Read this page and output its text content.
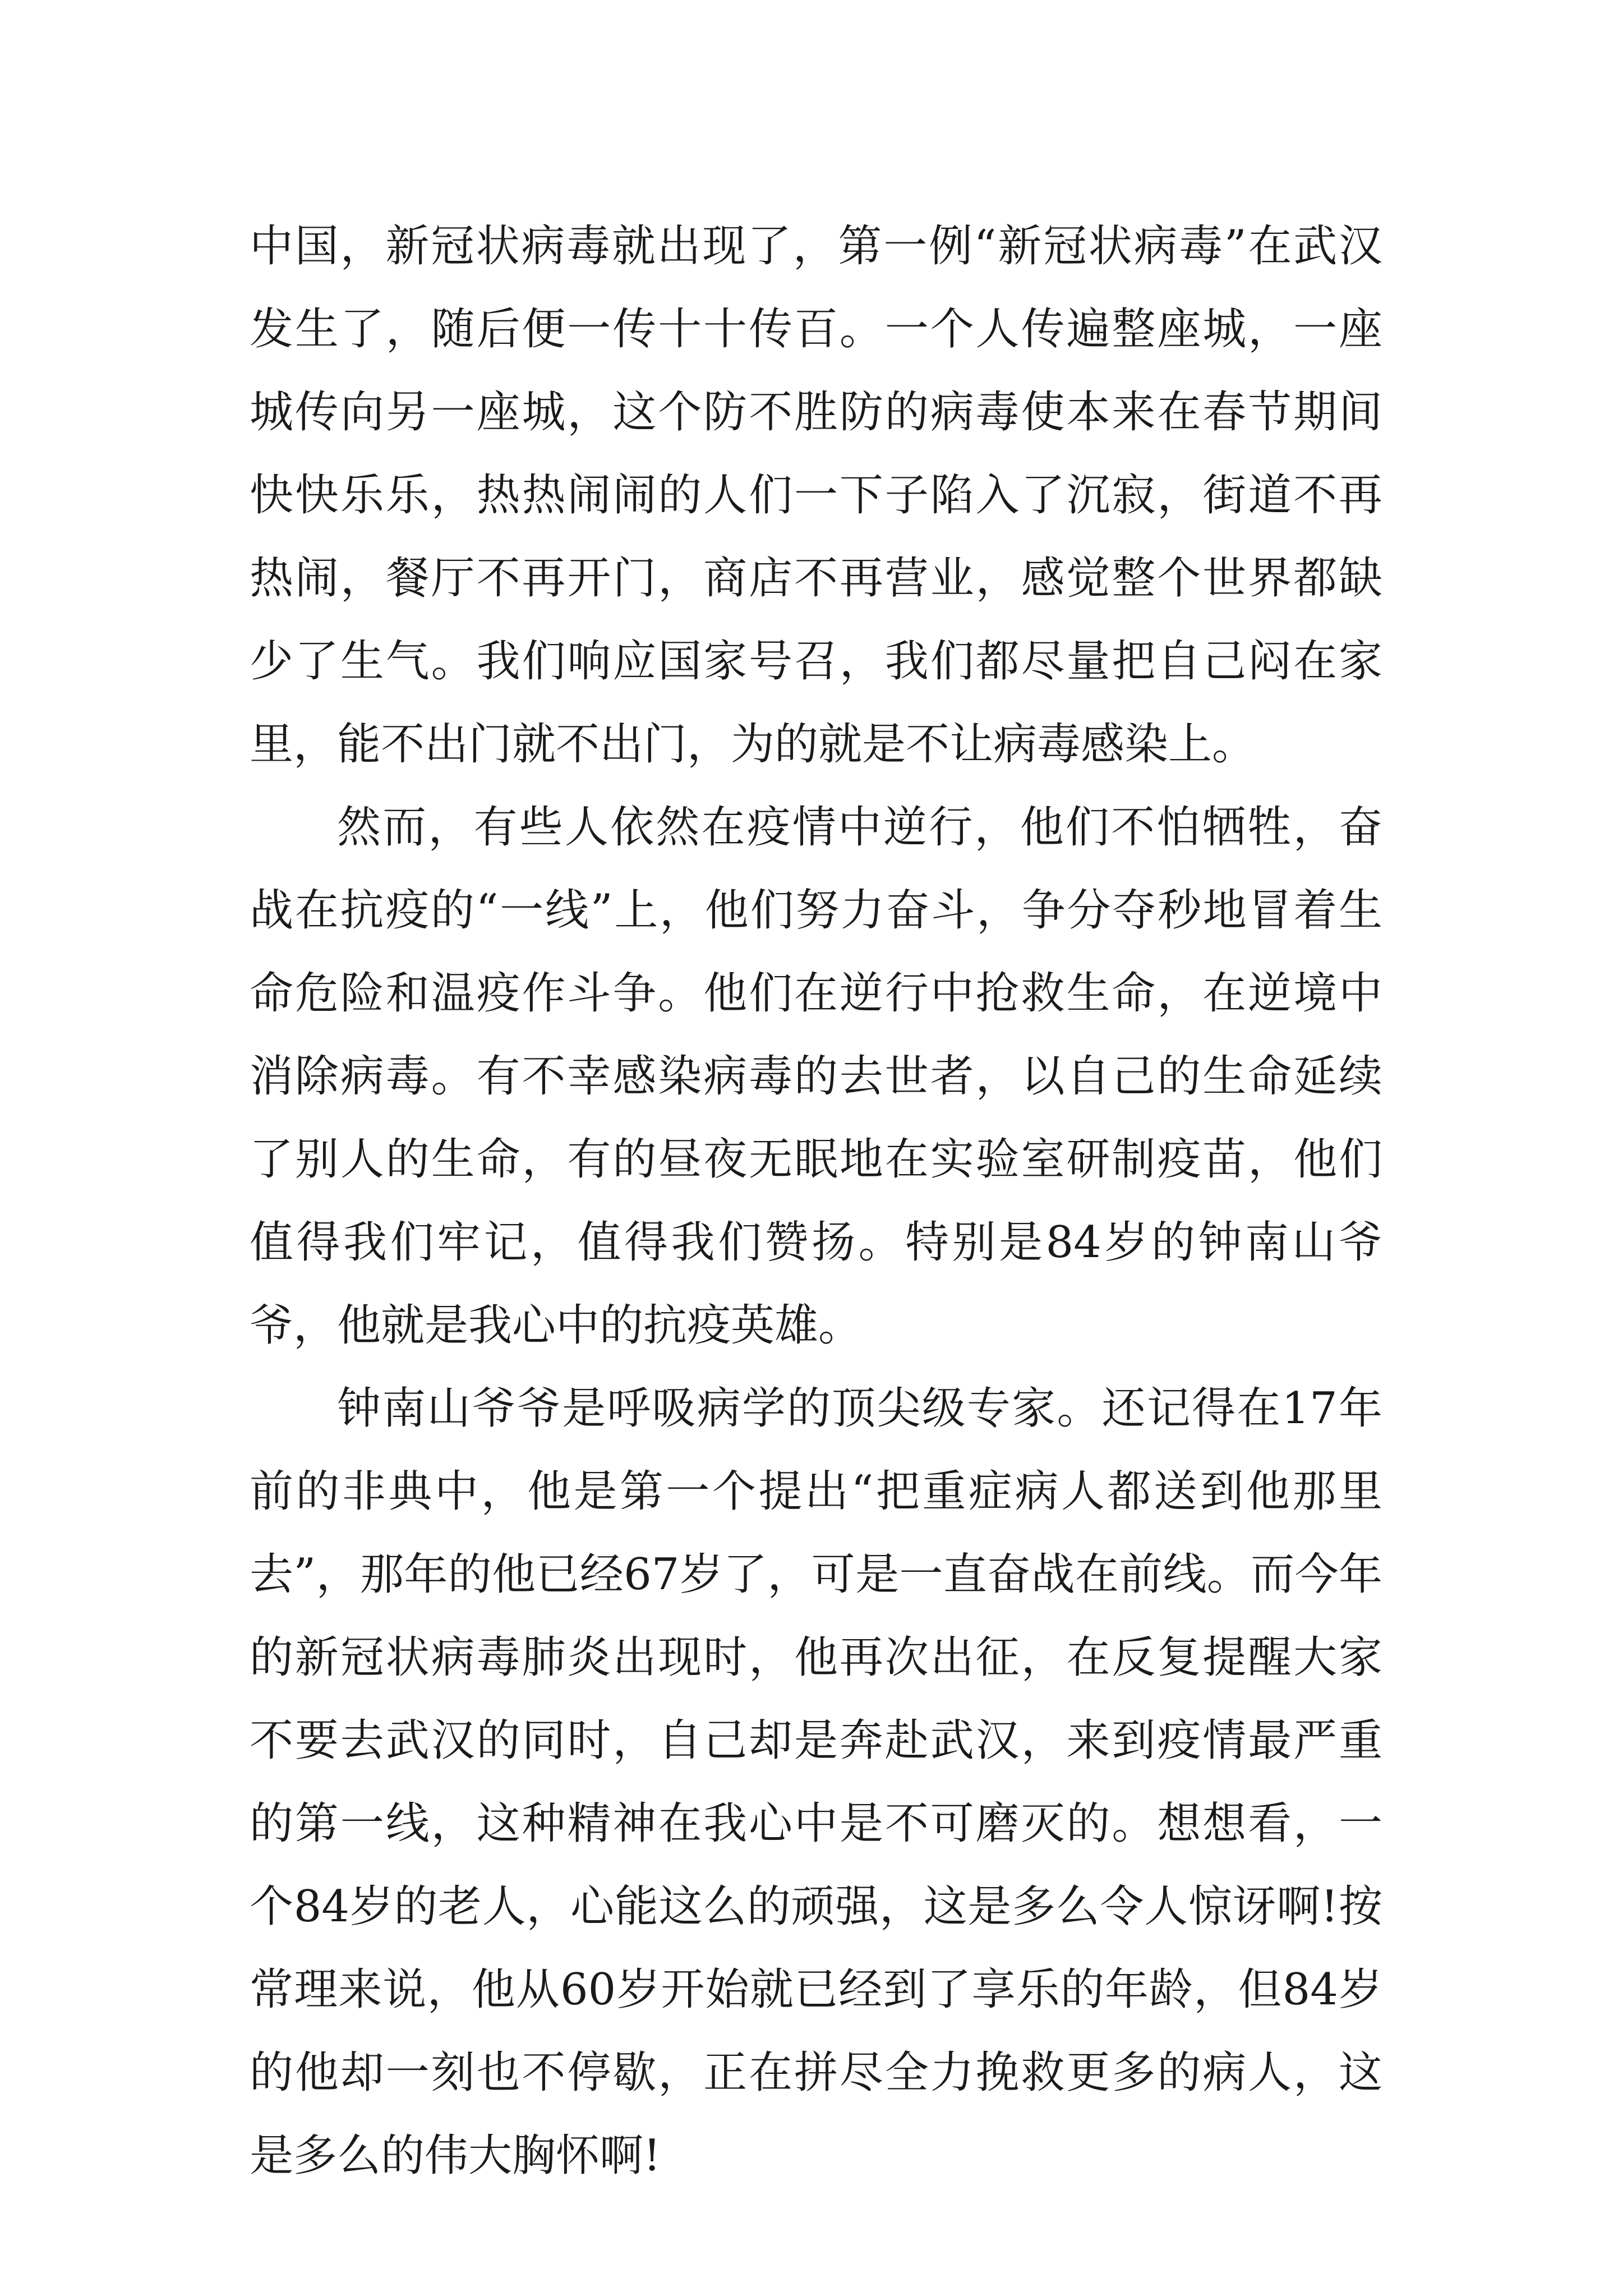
中国，新冠状病毒就出现了，第一例“新冠状病毒”在武汉发生了，随后便一传十十传百。一个人传遍整座城，一座城传向另一座城，这个防不胜防的病毒使本来在春节期间快快乐乐，热热闹闹的人们一下子陷入了沉寂，街道不再热闹，餐厅不再开门，商店不再营业，感觉整个世界都缺少了生气。我们响应国家号召，我们都尽量把自己闷在家里，能不出门就不出门，为的就是不让病毒感染上。

然而，有些人依然在疫情中逆行，他们不怕牺牲，奋战在抗疫的“一线”上，他们努力奋斗，争分夺秒地冒着生命危险和温疫作斗争。他们在逆行中抢救生命，在逆境中消除病毒。有不幸感染病毒的去世者，以自己的生命延续了别人的生命，有的昼夜无眠地在实验室研制疫苗，他们值得我们牢记，值得我们赞扬。特别是84岁的钟南山爷爷，他就是我心中的抗疫英雄。

钟南山爷爷是呼吸病学的顶尖级专家。还记得在17年前的非典中，他是第一个提出“把重症病人都送到他那里去”，那年的他已经67岁了，可是一直奋战在前线。而今年的新冠状病毒肺炎出现时，他再次出征，在反复提醒大家不要去武汉的同时，自己却是奔赴武汉，来到疫情最严重的第一线，这种精神在我心中是不可磨灭的。想想看，一个84岁的老人，心能这么的顽强，这是多么令人惊讶啊!按常理来说，他从60岁开始就已经到了享乐的年龄，但84岁的他却一刻也不停歇，正在拼尽全力挽救更多的病人，这是多么的伟大胸怀啊!
